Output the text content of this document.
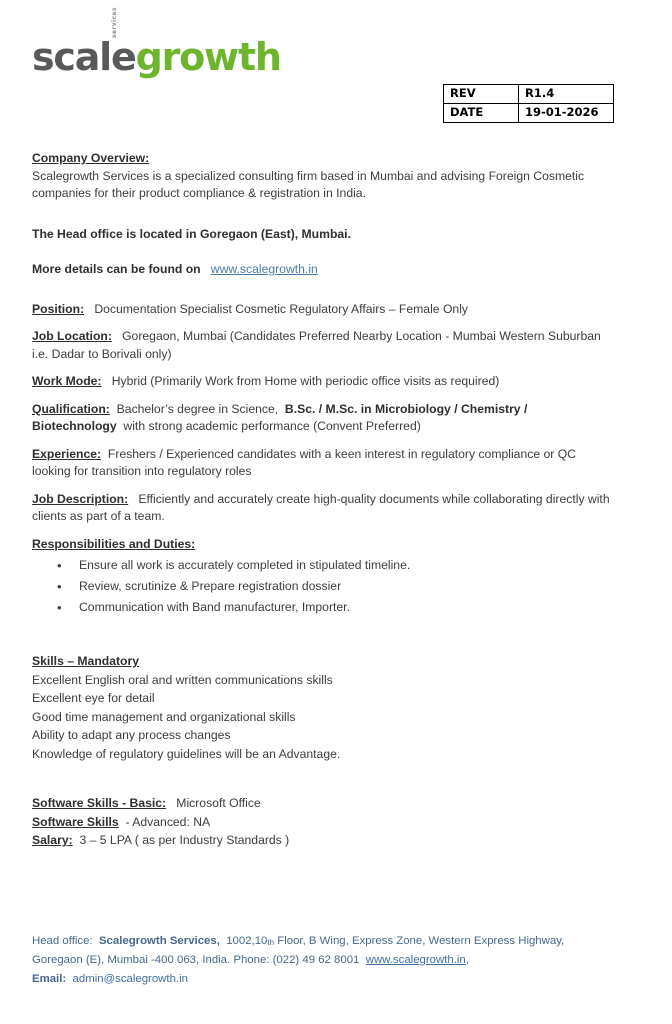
scale growth
services
REV	R1.4
DATE	19-01-2026

Company Overview:

Scalegrowth Services is a specialized consulting firm based in Mumbai and advising Foreign Cosmetic companies for their product compliance & registration in India.

The Head office is located in Goregaon (East), Mumbai.

More details can be found on www.scalegrowth.in

Position: Documentation Specialist Cosmetic Regulatory Affairs – Female Only

Job Location: Goregaon, Mumbai (Candidates Preferred Nearby Location - Mumbai Western Suburban i.e. Dadar to Borivali only)

Work Mode: Hybrid (Primarily Work from Home with periodic office visits as required)

Qualification: Bachelor’s degree in Science, B.Sc. / M.Sc. in Microbiology / Chemistry / Biotechnology with strong academic performance (Convent Preferred)

Experience: Freshers / Experienced candidates with a keen interest in regulatory compliance or QC looking for transition into regulatory roles

Job Description: Efficiently and accurately create high-quality documents while collaborating directly with clients as part of a team.

Responsibilities and Duties:

• Ensure all work is accurately completed in stipulated timeline.
• Review, scrutinize & Prepare registration dossier
• Communication with Band manufacturer, Importer.

Skills – Mandatory

Excellent English oral and written communications skills

Excellent eye for detail

Good time management and organizational skills

Ability to adapt any process changes

Knowledge of regulatory guidelines will be an Advantage.

Software Skills - Basic: Microsoft Office

Software Skills - Advanced: NA

Salary: 3 – 5 LPA ( as per Industry Standards )

Head office: Scalegrowth Services, 1002,10th Floor, B Wing, Express Zone, Western Express Highway, Goregaon (E), Mumbai -400 063, India. Phone: (022) 49 62 8001 www.scalegrowth.in,
Email: admin@scalegrowth.in
